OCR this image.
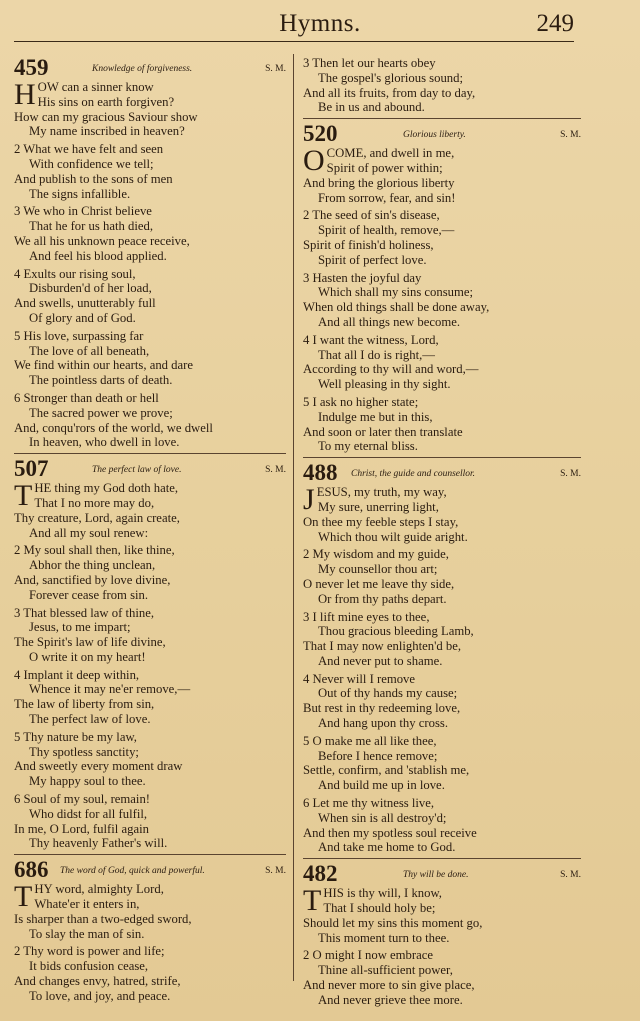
Hymns.	249
459	Knowledge of forgiveness.	S. M.
H OW can a sinner know
His sins on earth forgiven?
How can my gracious Saviour show
My name inscribed in heaven?
2 What we have felt and seen
With confidence we tell;
And publish to the sons of men
The signs infallible.
3 We who in Christ believe
That he for us hath died,
We all his unknown peace receive,
And feel his blood applied.
4 Exults our rising soul,
Disburden'd of her load,
And swells, unutterably full
Of glory and of God.
5 His love, surpassing far
The love of all beneath,
We find within our hearts, and dare
The pointless darts of death.
6 Stronger than death or hell
The sacred power we prove;
And, conqu'rors of the world, we dwell
In heaven, who dwell in love.
507	The perfect law of love.	S. M.
T HE thing my God doth hate,
That I no more may do,
Thy creature, Lord, again create,
And all my soul renew:
2 My soul shall then, like thine,
Abhor the thing unclean,
And, sanctified by love divine,
Forever cease from sin.
3 That blessed law of thine,
Jesus, to me impart;
The Spirit's law of life divine,
O write it on my heart!
4 Implant it deep within,
Whence it may ne'er remove,—
The law of liberty from sin,
The perfect law of love.
5 Thy nature be my law,
Thy spotless sanctity;
And sweetly every moment draw
My happy soul to thee.
6 Soul of my soul, remain!
Who didst for all fulfil,
In me, O Lord, fulfil again
Thy heavenly Father's will.
686 The word of God, quick and powerful.	S. M.
T HY word, almighty Lord,
Whate'er it enters in,
Is sharper than a two-edged sword,
To slay the man of sin.
2 Thy word is power and life;
It bids confusion cease,
And changes envy, hatred, strife,
To love, and joy, and peace.
3 Then let our hearts obey
The gospel's glorious sound;
And all its fruits, from day to day,
Be in us and abound.
520	Glorious liberty.	S. M.
O COME, and dwell in me,
Spirit of power within;
And bring the glorious liberty
From sorrow, fear, and sin!
2 The seed of sin's disease,
Spirit of health, remove,—
Spirit of finish'd holiness,
Spirit of perfect love.
3 Hasten the joyful day
Which shall my sins consume;
When old things shall be done away,
And all things new become.
4 I want the witness, Lord,
That all I do is right,—
According to thy will and word,—
Well pleasing in thy sight.
5 I ask no higher state;
Indulge me but in this,
And soon or later then translate
To my eternal bliss.
488 Christ, the guide and counsellor.	S. M.
J ESUS, my truth, my way,
My sure, unerring light,
On thee my feeble steps I stay,
Which thou wilt guide aright.
2 My wisdom and my guide,
My counsellor thou art;
O never let me leave thy side,
Or from thy paths depart.
3 I lift mine eyes to thee,
Thou gracious bleeding Lamb,
That I may now enlighten'd be,
And never put to shame.
4 Never will I remove
Out of thy hands my cause;
But rest in thy redeeming love,
And hang upon thy cross.
5 O make me all like thee,
Before I hence remove;
Settle, confirm, and 'stablish me,
And build me up in love.
6 Let me thy witness live,
When sin is all destroy'd;
And then my spotless soul receive
And take me home to God.
482	Thy will be done.	S. M.
T HIS is thy will, I know,
That I should holy be;
Should let my sins this moment go,
This moment turn to thee.
2 O might I now embrace
Thine all-sufficient power,
And never more to sin give place,
And never grieve thee more.
